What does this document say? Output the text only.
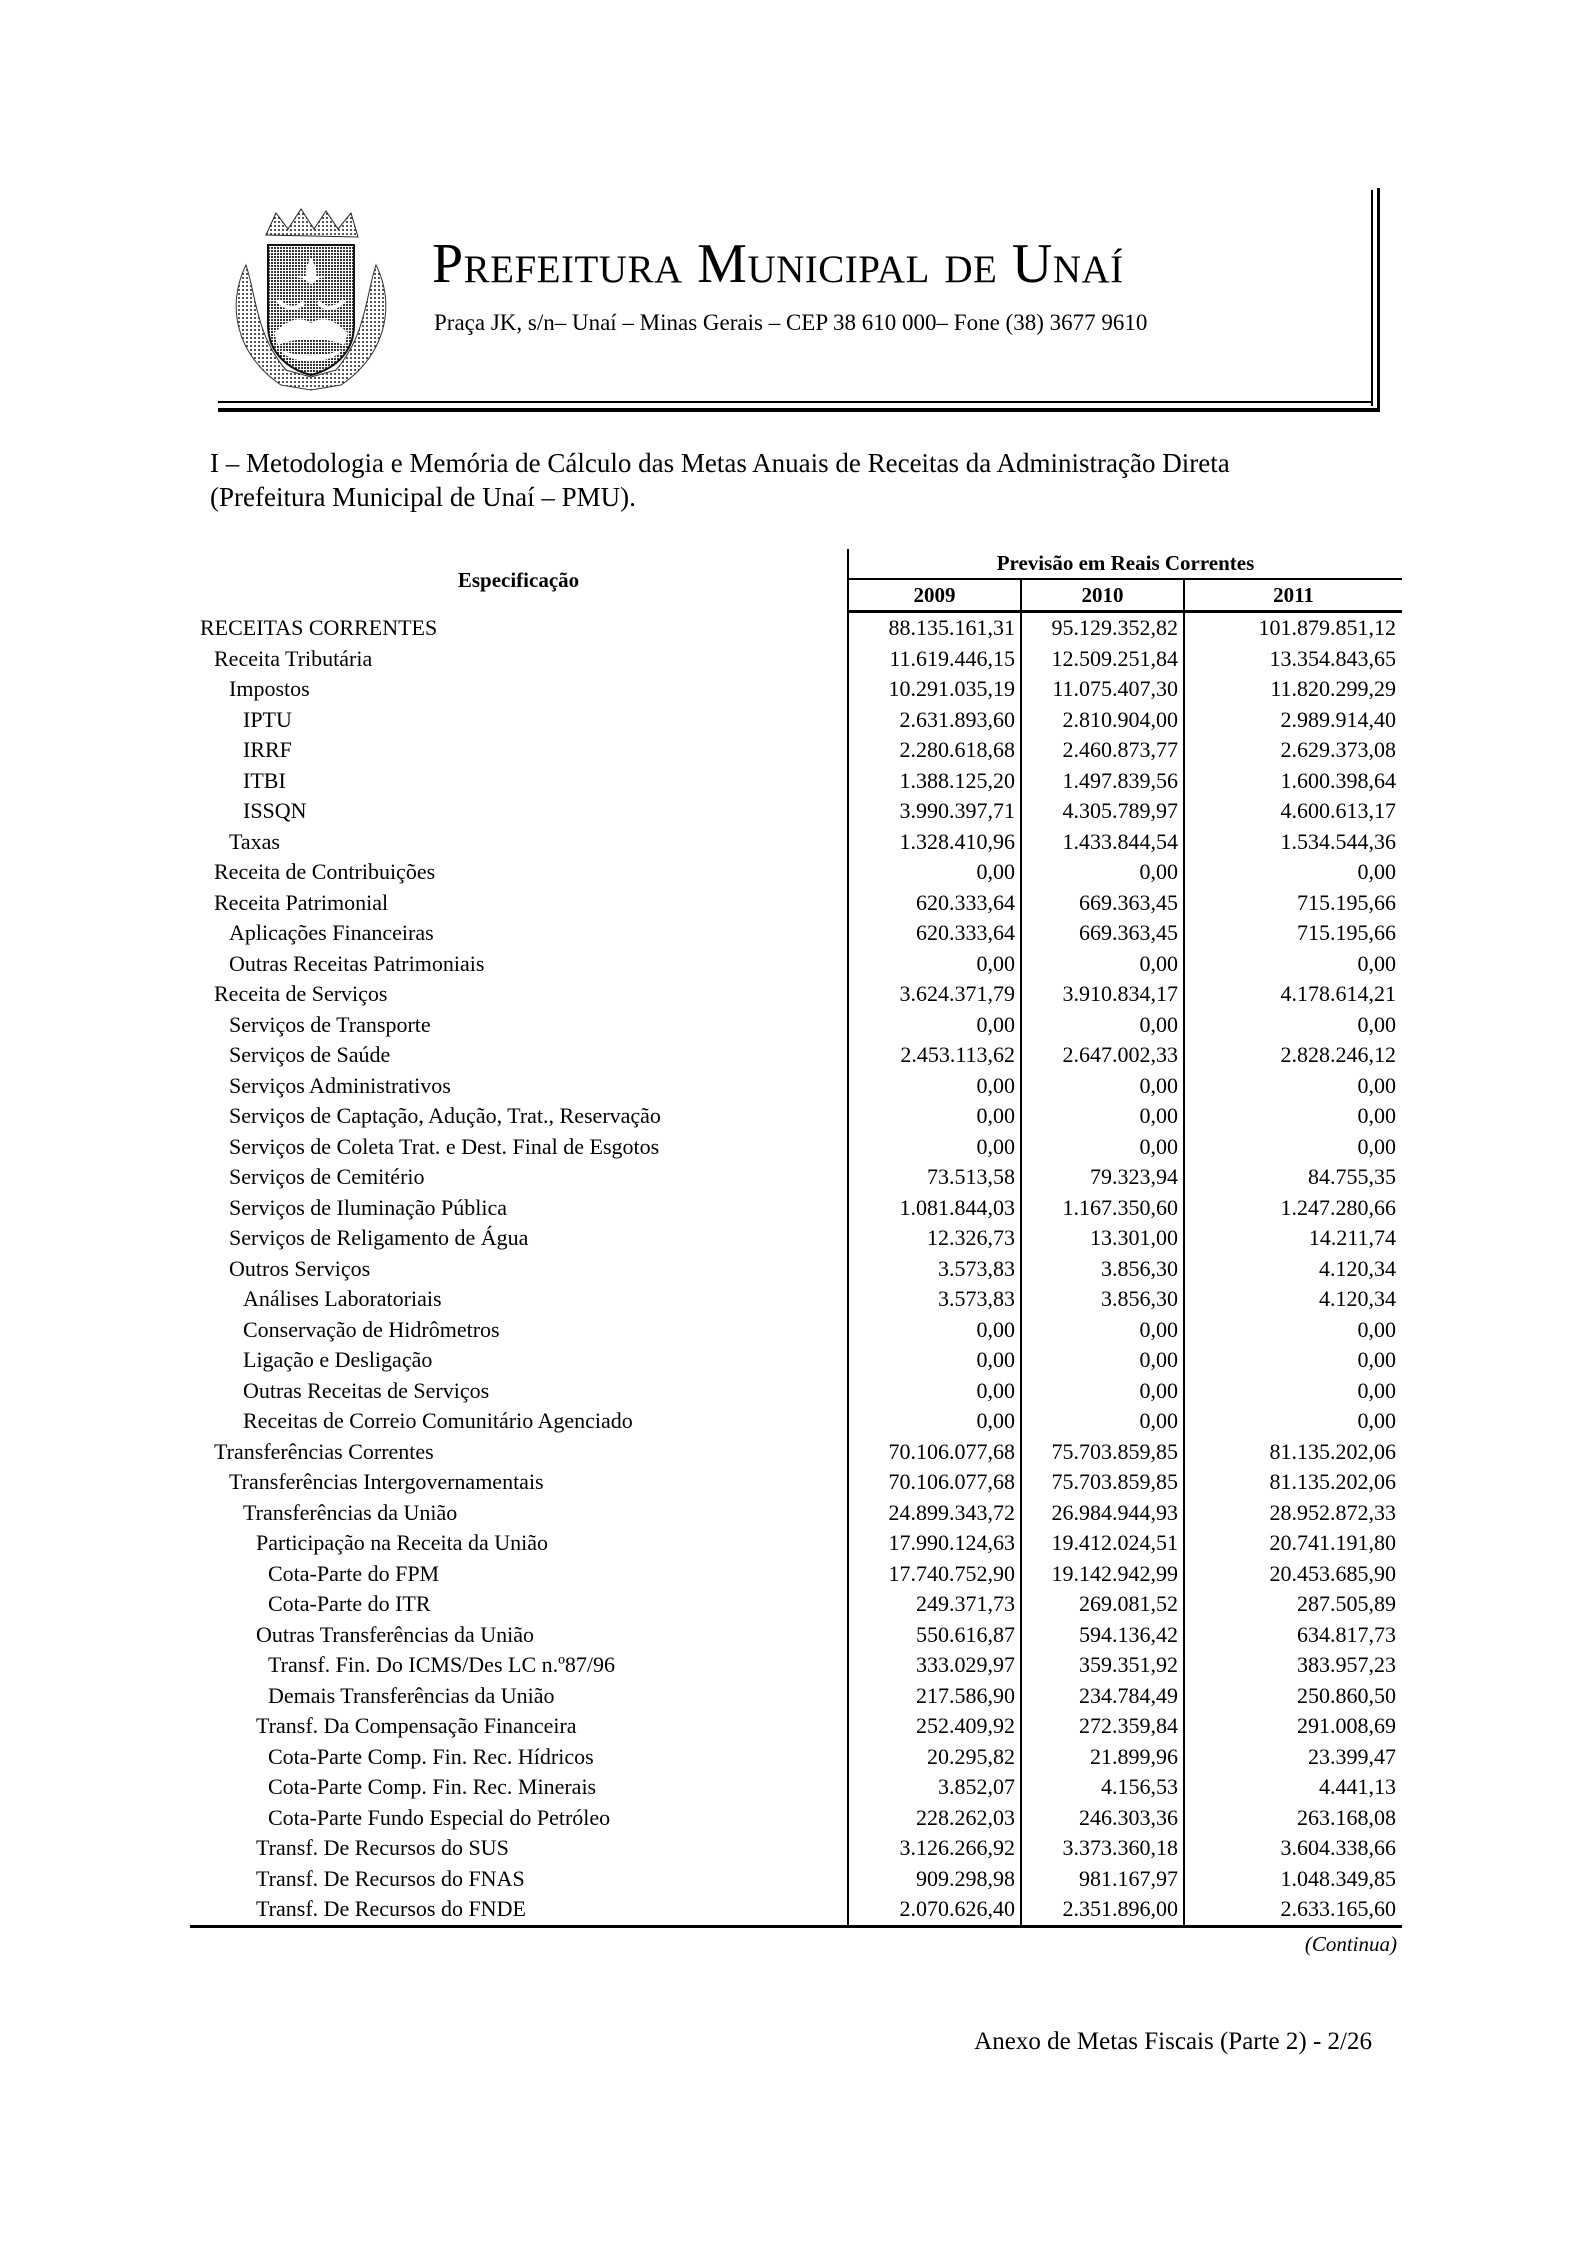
Prefeitura Municipal de Unaí
Praça JK, s/n– Unaí – Minas Gerais – CEP 38 610 000– Fone (38) 3677 9610
I – Metodologia e Memória de Cálculo das Metas Anuais de Receitas da Administração Direta
(Prefeitura Municipal de Unaí – PMU).
Especificação	Previsão em Reais Correntes		
	2009	2010	2011
RECEITAS CORRENTES	88.135.161,31	95.129.352,82	101.879.851,12
Receita Tributária	11.619.446,15	12.509.251,84	13.354.843,65
Impostos	10.291.035,19	11.075.407,30	11.820.299,29
IPTU	2.631.893,60	2.810.904,00	2.989.914,40
IRRF	2.280.618,68	2.460.873,77	2.629.373,08
ITBI	1.388.125,20	1.497.839,56	1.600.398,64
ISSQN	3.990.397,71	4.305.789,97	4.600.613,17
Taxas	1.328.410,96	1.433.844,54	1.534.544,36
Receita de Contribuições	0,00	0,00	0,00
Receita Patrimonial	620.333,64	669.363,45	715.195,66
Aplicações Financeiras	620.333,64	669.363,45	715.195,66
Outras Receitas Patrimoniais	0,00	0,00	0,00
Receita de Serviços	3.624.371,79	3.910.834,17	4.178.614,21
Serviços de Transporte	0,00	0,00	0,00
Serviços de Saúde	2.453.113,62	2.647.002,33	2.828.246,12
Serviços Administrativos	0,00	0,00	0,00
Serviços de Captação, Adução, Trat., Reservação	0,00	0,00	0,00
Serviços de Coleta Trat. e Dest. Final de Esgotos	0,00	0,00	0,00
Serviços de Cemitério	73.513,58	79.323,94	84.755,35
Serviços de Iluminação Pública	1.081.844,03	1.167.350,60	1.247.280,66
Serviços de Religamento de Água	12.326,73	13.301,00	14.211,74
Outros Serviços	3.573,83	3.856,30	4.120,34
Análises Laboratoriais	3.573,83	3.856,30	4.120,34
Conservação de Hidrômetros	0,00	0,00	0,00
Ligação e Desligação	0,00	0,00	0,00
Outras Receitas de Serviços	0,00	0,00	0,00
Receitas de Correio Comunitário Agenciado	0,00	0,00	0,00
Transferências Correntes	70.106.077,68	75.703.859,85	81.135.202,06
Transferências Intergovernamentais	70.106.077,68	75.703.859,85	81.135.202,06
Transferências da União	24.899.343,72	26.984.944,93	28.952.872,33
Participação na Receita da União	17.990.124,63	19.412.024,51	20.741.191,80
Cota-Parte do FPM	17.740.752,90	19.142.942,99	20.453.685,90
Cota-Parte do ITR	249.371,73	269.081,52	287.505,89
Outras Transferências da União	550.616,87	594.136,42	634.817,73
Transf. Fin. Do ICMS/Des LC n.º87/96	333.029,97	359.351,92	383.957,23
Demais Transferências da União	217.586,90	234.784,49	250.860,50
Transf. Da Compensação Financeira	252.409,92	272.359,84	291.008,69
Cota-Parte Comp. Fin. Rec. Hídricos	20.295,82	21.899,96	23.399,47
Cota-Parte Comp. Fin. Rec. Minerais	3.852,07	4.156,53	4.441,13
Cota-Parte Fundo Especial do Petróleo	228.262,03	246.303,36	263.168,08
Transf. De Recursos do SUS	3.126.266,92	3.373.360,18	3.604.338,66
Transf. De Recursos do FNAS	909.298,98	981.167,97	1.048.349,85
Transf. De Recursos do FNDE	2.070.626,40	2.351.896,00	2.633.165,60
(Continua)
Anexo de Metas Fiscais (Parte 2) - 2/26
